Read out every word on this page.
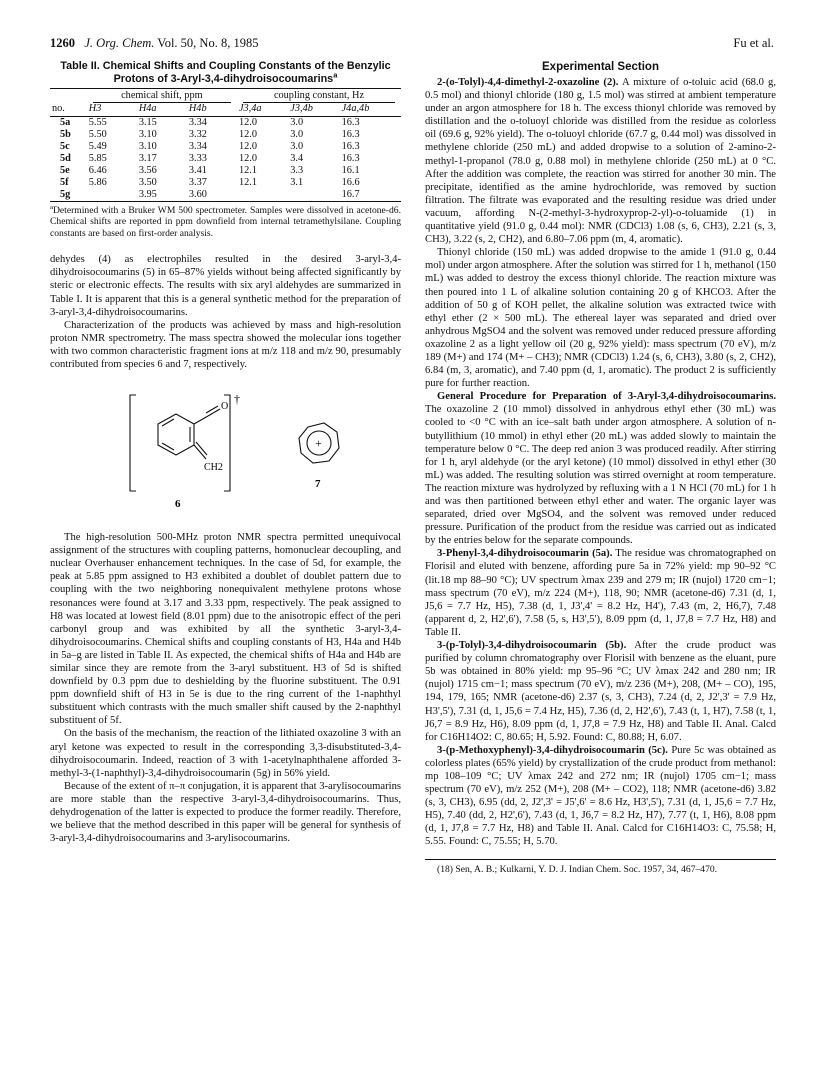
1260 J. Org. Chem. Vol. 50, No. 8, 1985	Fu et al.
Table II. Chemical Shifts and Coupling Constants of the Benzylic Protons of 3-Aryl-3,4-dihydroisocoumarins$^a$

	chemical shift, ppm			coupling constant, Hz		

no.	H3	H4a	H4b	J3,4a	J3,4b	J4a,4b
5a	5.55	3.15	3.34	12.0	3.0	16.3
5b	5.50	3.10	3.32	12.0	3.0	16.3
5c	5.49	3.10	3.34	12.0	3.0	16.3
5d	5.85	3.17	3.33	12.0	3.4	16.3
5e	6.46	3.56	3.41	12.1	3.3	16.1
5f	5.86	3.50	3.37	12.1	3.1	16.6
5g		3.95	3.60			16.7

$^a$Determined with a Bruker WM 500 spectrometer. Samples were dissolved in acetone-d6. Chemical shifts are reported in ppm downfield from internal tetramethylsilane. Coupling constants are based on first-order analysis.

dehydes (4) as electrophiles resulted in the desired 3-aryl-3,4-dihydroisocoumarins (5) in 65–87% yields without being affected significantly by steric or electronic effects. The results with six aryl aldehydes are summarized in Table I. It is apparent that this is a general synthetic method for the preparation of 3-aryl-3,4-dihydroisocoumarins.

Characterization of the products was achieved by mass and high-resolution proton NMR spectrometry. The mass spectra showed the molecular ions together with two common characteristic fragment ions at m/z 118 and m/z 90, presumably contributed from species 6 and 7, respectively.

O
†
CH2
6
+
7

The high-resolution 500-MHz proton NMR spectra permitted unequivocal assignment of the structures with coupling patterns, homonuclear decoupling, and nuclear Overhauser enhancement techniques. In the case of 5d, for example, the peak at 5.85 ppm assigned to H3 exhibited a doublet of doublet pattern due to coupling with the two neighboring nonequivalent methylene protons whose resonances were found at 3.17 and 3.33 ppm, respectively. The peak assigned to H8 was located at lowest field (8.01 ppm) due to the anisotropic effect of the peri carbonyl group and was exhibited by all the synthetic 3-aryl-3,4-dihydroisocoumarins. Chemical shifts and coupling constants of H3, H4a and H4b in 5a–g are listed in Table II. As expected, the chemical shifts of H4a and H4b are similar since they are remote from the 3-aryl substituent. H3 of 5d is shifted downfield by 0.3 ppm due to deshielding by the fluorine substituent. The 0.91 ppm downfield shift of H3 in 5e is due to the ring current of the 1-naphthyl substituent which contrasts with the much smaller shift caused by the 2-naphthyl substituent of 5f.

On the basis of the mechanism, the reaction of the lithiated oxazoline 3 with an aryl ketone was expected to result in the corresponding 3,3-disubstituted-3,4-dihydroisocoumarin. Indeed, reaction of 3 with 1-acetylnaphthalene afforded 3-methyl-3-(1-naphthyl)-3,4-dihydroisocoumarin (5g) in 56% yield.

Because of the extent of π–π conjugation, it is apparent that 3-arylisocoumarins are more stable than the respective 3-aryl-3,4-dihydroisocoumarins. Thus, dehydrogenation of the latter is expected to produce the former readily. Therefore, we believe that the method described in this paper will be general for synthesis of 3-aryl-3,4-dihydroisocoumarins and 3-arylisocoumarins.

Experimental Section

2-(o-Tolyl)-4,4-dimethyl-2-oxazoline (2). A mixture of o-toluic acid (68.0 g, 0.5 mol) and thionyl chloride (180 g, 1.5 mol) was stirred at ambient temperature under an argon atmosphere for 18 h. The excess thionyl chloride was removed by distillation and the o-toluoyl chloride was distilled from the residue as colorless oil (69.6 g, 92% yield). The o-toluoyl chloride (67.7 g, 0.44 mol) was dissolved in methylene chloride (250 mL) and added dropwise to a solution of 2-amino-2-methyl-1-propanol (78.0 g, 0.88 mol) in methylene chloride (250 mL) at 0 °C. After the addition was complete, the reaction was stirred for another 30 min. The precipitate, identified as the amine hydrochloride, was removed by suction filtration. The filtrate was evaporated and the resulting residue was dried under vacuum, affording N-(2-methyl-3-hydroxyprop-2-yl)-o-toluamide (1) in quantitative yield (91.0 g, 0.44 mol): NMR (CDCl3) 1.08 (s, 6, CH3), 2.21 (s, 3, CH3), 3.22 (s, 2, CH2), and 6.80–7.06 ppm (m, 4, aromatic).

Thionyl chloride (150 mL) was added dropwise to the amide 1 (91.0 g, 0.44 mol) under argon atmosphere. After the solution was stirred for 1 h, methanol (150 mL) was added to destroy the excess thionyl chloride. The reaction mixture was then poured into 1 L of alkaline solution containing 20 g of KHCO3. After the addition of 50 g of KOH pellet, the alkaline solution was extracted twice with ethyl ether (2 × 500 mL). The ethereal layer was separated and dried over anhydrous MgSO4 and the solvent was removed under reduced pressure affording oxazoline 2 as a light yellow oil (20 g, 92% yield): mass spectrum (70 eV), m/z 189 (M+) and 174 (M+ – CH3); NMR (CDCl3) 1.24 (s, 6, CH3), 3.80 (s, 2, CH2), 6.84 (m, 3, aromatic), and 7.40 ppm (d, 1, aromatic). The product 2 is sufficiently pure for further reaction.

General Procedure for Preparation of 3-Aryl-3,4-dihydroisocoumarins. The oxazoline 2 (10 mmol) dissolved in anhydrous ethyl ether (30 mL) was cooled to <0 °C with an ice–salt bath under argon atmosphere. A solution of n-butyllithium (10 mmol) in ethyl ether (20 mL) was added slowly to maintain the temperature below 0 °C. The deep red anion 3 was produced readily. After stirring for 1 h, aryl aldehyde (or the aryl ketone) (10 mmol) dissolved in ethyl ether (30 mL) was added. The resulting solution was stirred overnight at room temperature. The reaction mixture was hydrolyzed by refluxing with a 1 N HCl (70 mL) for 1 h and was then partitioned between ethyl ether and water. The organic layer was separated, dried over MgSO4, and the solvent was removed under reduced pressure. Purification of the product from the residue was carried out as indicated by the entries below for the separate compounds.

3-Phenyl-3,4-dihydroisocoumarin (5a). The residue was chromatographed on Florisil and eluted with benzene, affording pure 5a in 72% yield: mp 90–92 °C (lit.18 mp 88–90 °C); UV spectrum λmax 239 and 279 m; IR (nujol) 1720 cm−1; mass spectrum (70 eV), m/z 224 (M+), 118, 90; NMR (acetone-d6) 7.31 (d, 1, J5,6 = 7.7 Hz, H5), 7.38 (d, 1, J3',4' = 8.2 Hz, H4'), 7.43 (m, 2, H6,7), 7.48 (apparent d, 2, H2',6'), 7.58 (5, s, H3',5'), 8.09 ppm (d, 1, J7,8 = 7.7 Hz, H8) and Table II.

3-(p-Tolyl)-3,4-dihydroisocoumarin (5b). After the crude product was purified by column chromatography over Florisil with benzene as the eluant, pure 5b was obtained in 80% yield: mp 95–96 °C; UV λmax 242 and 280 nm; IR (nujol) 1715 cm−1; mass spectrum (70 eV), m/z 236 (M+), 208, (M+ – CO), 195, 194, 179, 165; NMR (acetone-d6) 2.37 (s, 3, CH3), 7.24 (d, 2, J2',3' = 7.9 Hz, H3',5'), 7.31 (d, 1, J5,6 = 7.4 Hz, H5), 7.36 (d, 2, H2',6'), 7.43 (t, 1, H7), 7.58 (t, 1, J6,7 = 8.9 Hz, H6), 8.09 ppm (d, 1, J7,8 = 7.9 Hz, H8) and Table II. Anal. Calcd for C16H14O2: C, 80.65; H, 5.92. Found: C, 80.88; H, 6.07.

3-(p-Methoxyphenyl)-3,4-dihydroisocoumarin (5c). Pure 5c was obtained as colorless plates (65% yield) by crystallization of the crude product from methanol: mp 108–109 °C; UV λmax 242 and 272 nm; IR (nujol) 1705 cm−1; mass spectrum (70 eV), m/z 252 (M+), 208 (M+ – CO2), 118; NMR (acetone-d6) 3.82 (s, 3, CH3), 6.95 (dd, 2, J2',3' = J5',6' = 8.6 Hz, H3',5'), 7.31 (d, 1, J5,6 = 7.7 Hz, H5), 7.40 (dd, 2, H2',6'), 7.43 (d, 1, J6,7 = 8.2 Hz, H7), 7.77 (t, 1, H6), 8.08 ppm (d, 1, J7,8 = 7.7 Hz, H8) and Table II. Anal. Calcd for C16H14O3: C, 75.58; H, 5.55. Found: C, 75.55; H, 5.70.

(18) Sen, A. B.; Kulkarni, Y. D. J. Indian Chem. Soc. 1957, 34, 467–470.
